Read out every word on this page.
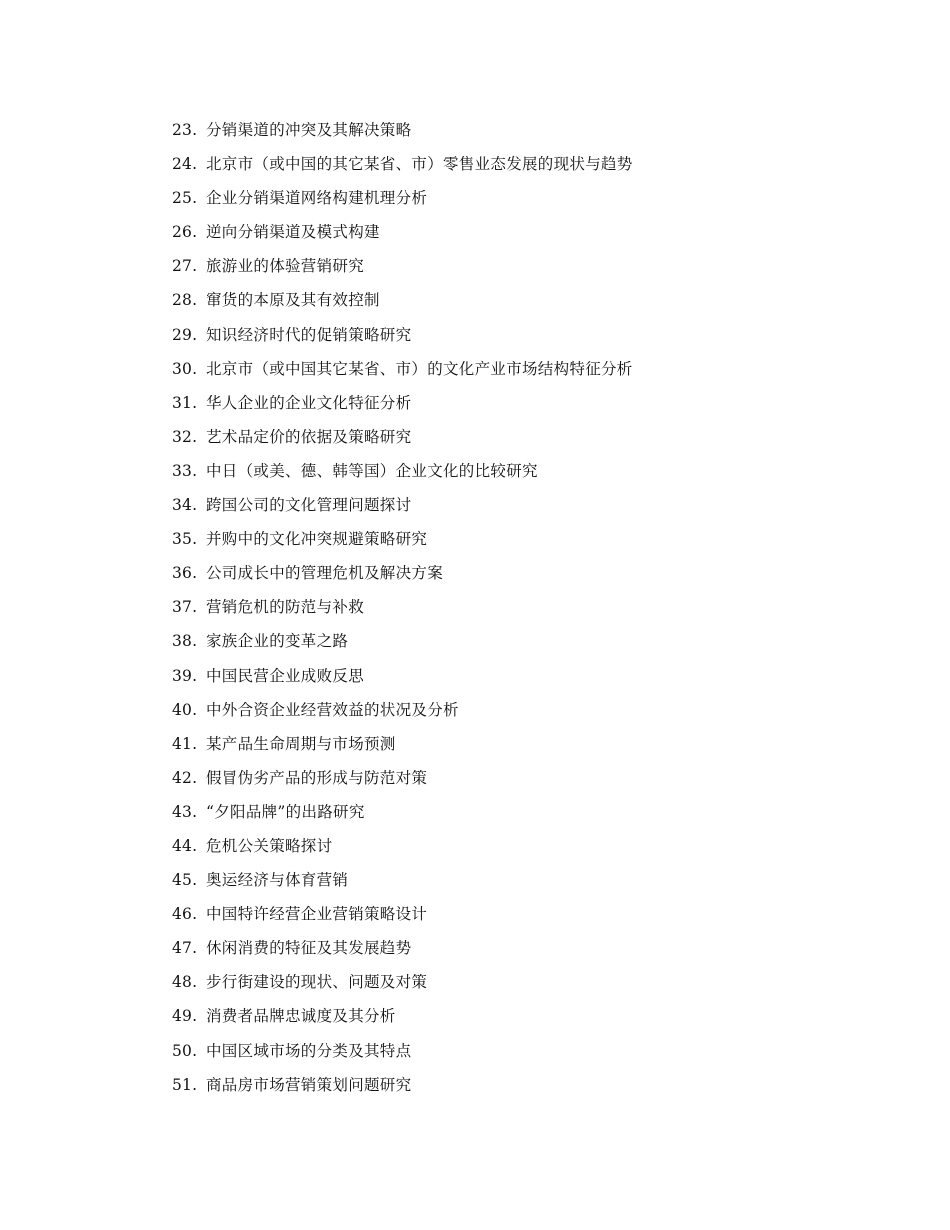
23. 分销渠道的冲突及其解决策略
24. 北京市（或中国的其它某省、市）零售业态发展的现状与趋势
25. 企业分销渠道网络构建机理分析
26. 逆向分销渠道及模式构建
27. 旅游业的体验营销研究
28. 窜货的本原及其有效控制
29. 知识经济时代的促销策略研究
30. 北京市（或中国其它某省、市）的文化产业市场结构特征分析
31. 华人企业的企业文化特征分析
32. 艺术品定价的依据及策略研究
33. 中日（或美、德、韩等国）企业文化的比较研究
34. 跨国公司的文化管理问题探讨
35. 并购中的文化冲突规避策略研究
36. 公司成长中的管理危机及解决方案
37. 营销危机的防范与补救
38. 家族企业的变革之路
39. 中国民营企业成败反思
40. 中外合资企业经营效益的状况及分析
41. 某产品生命周期与市场预测
42. 假冒伪劣产品的形成与防范对策
43. “夕阳品牌”的出路研究
44. 危机公关策略探讨
45. 奥运经济与体育营销
46. 中国特许经营企业营销策略设计
47. 休闲消费的特征及其发展趋势
48. 步行街建设的现状、问题及对策
49. 消费者品牌忠诚度及其分析
50. 中国区域市场的分类及其特点
51. 商品房市场营销策划问题研究
